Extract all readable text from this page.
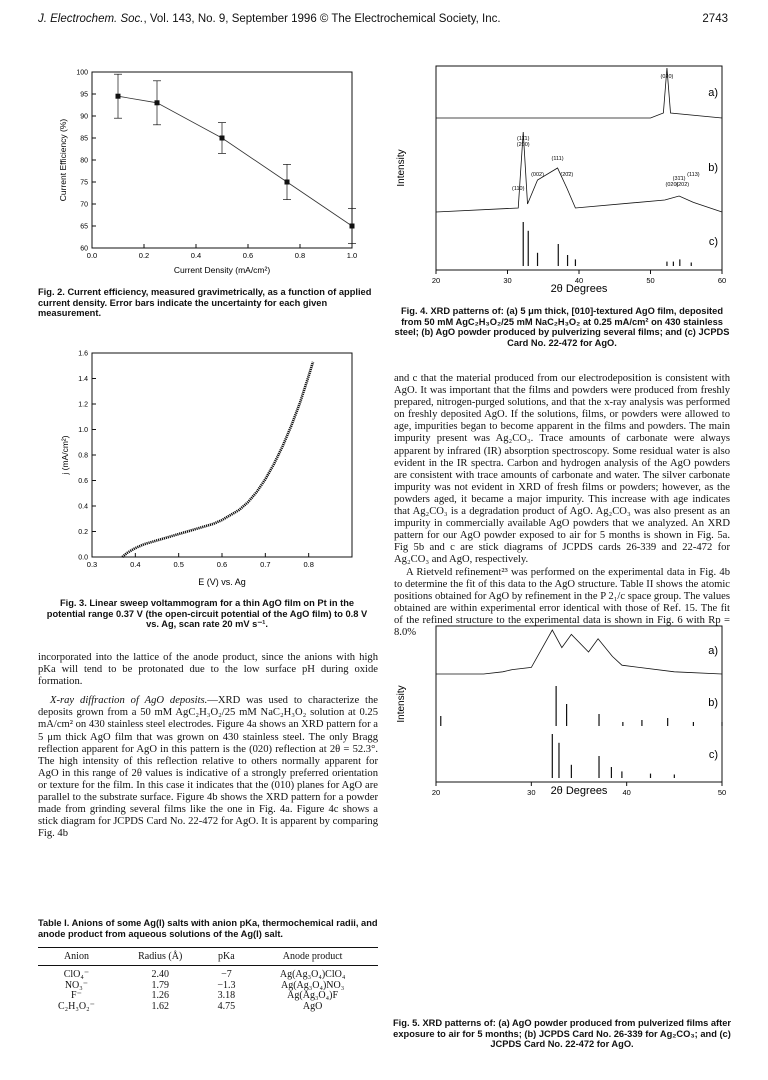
J. Electrochem. Soc., Vol. 143, No. 9, September 1996 © The Electrochemical Society, Inc.	2743
0.0	0.2	0.4	0.6	0.8	1.0
60
65
70
75
80
85
90
95
100
Current Density (mA/cm²)
Current Efficiency (%)
Fig. 2. Current efficiency, measured gravimetrically, as a function of applied current density. Error bars indicate the uncertainty for each given measurement.
0.3	0.4	0.5	0.6	0.7	0.8
0.0
0.2
0.4
0.6
0.8
1.0
1.2
1.4
1.6
E (V) vs. Ag
j (mA/cm²)
Fig. 3. Linear sweep voltammogram for a thin AgO film on Pt in the potential range 0.37 V (the open-circuit potential of the AgO film) to 0.8 V vs. Ag, scan rate 20 mV s⁻¹.

incorporated into the lattice of the anode product, since the anions with high pKa will tend to be protonated due to the low surface pH during oxide formation.

X-ray diffraction of AgO deposits.—XRD was used to characterize the deposits grown from a 50 mM AgC₂H₃O₂/25 mM NaC₂H₃O₂ solution at 0.25 mA/cm² on 430 stainless steel electrodes. Figure 4a shows an XRD pattern for a 5 μm thick AgO film that was grown on 430 stainless steel. The only Bragg reflection apparent for AgO in this pattern is the (020) reflection at 2θ = 52.3°. The high intensity of this reflection relative to others normally apparent for AgO in this range of 2θ values is indicative of a strongly preferred orientation or texture for the film. In this case it indicates that the (010) planes for AgO are parallel to the substrate surface. Figure 4b shows the XRD pattern for a powder made from grinding several films like the one in Fig. 4a. Figure 4c shows a stick diagram for JCPDS Card No. 22-472 for AgO. It is apparent by comparing Fig. 4b

Table I. Anions of some Ag(I) salts with anion pKa, thermochemical radii, and anode product from aqueous solutions of the Ag(I) salt.
Anion	Radius (Å)	pKa	Anode product
ClO₄⁻	2.40	−7	Ag(Ag₃O₄)ClO₄
NO₃⁻	1.79	−1.3	Ag(Ag₃O₄)NO₃
F⁻	1.26	3.18	Ag(Ag₃O₄)F
C₂H₃O₂⁻	1.62	4.75	AgO
20	30	40	50	60
2θ Degrees
Intensity
a)
b)
c)
(020)
(11̄1)
(200)
(111)
(002)	(20̄2)
(110)
(31̄1)
(113)
(020)
(202)
Fig. 4. XRD patterns of: (a) 5 μm thick, [010]-textured AgO film, deposited from 50 mM AgC₂H₃O₂/25 mM NaC₂H₃O₂ at 0.25 mA/cm² on 430 stainless steel; (b) AgO powder produced by pulverizing several films; and (c) JCPDS Card No. 22-472 for AgO.

and c that the material produced from our electrodeposition is consistent with AgO. It was important that the films and powders were produced from freshly prepared, nitrogen-purged solutions, and that the x-ray analysis was performed on freshly deposited AgO. If the solutions, films, or powders were allowed to age, impurities began to become apparent in the films and powders. The main impurity present was Ag₂CO₃. Trace amounts of carbonate were always apparent by infrared (IR) absorption spectroscopy. Some residual water is also evident in the IR spectra. Carbon and hydrogen analysis of the AgO powders are consistent with trace amounts of carbonate and water. The silver carbonate impurity was not evident in XRD of fresh films or powders; however, as the powders aged, it became a major impurity. This increase with age indicates that Ag₂CO₃ is a degradation product of AgO. Ag₂CO₃ was also present as an impurity in commercially available AgO powders that we analyzed. An XRD pattern for our AgO powder exposed to air for 5 months is shown in Fig. 5a. Fig 5b and c are stick diagrams of JCPDS cards 26-339 and 22-472 for Ag₂CO₃ and AgO, respectively.

A Rietveld refinement²³ was performed on the experimental data in Fig. 4b to determine the fit of this data to the AgO structure. Table II shows the atomic positions obtained for AgO by refinement in the P 2₁/c space group. The values obtained are within experimental error identical with those of Ref. 15. The fit of the refined structure to the experimental data is shown in Fig. 6 with Rp = 8.0%

20	30	40	50
2θ Degrees
Intensity
a)
b)
c)
Fig. 5. XRD patterns of: (a) AgO powder produced from pulverized films after exposure to air for 5 months; (b) JCPDS Card No. 26-339 for Ag₂CO₃; and (c) JCPDS Card No. 22-472 for AgO.
